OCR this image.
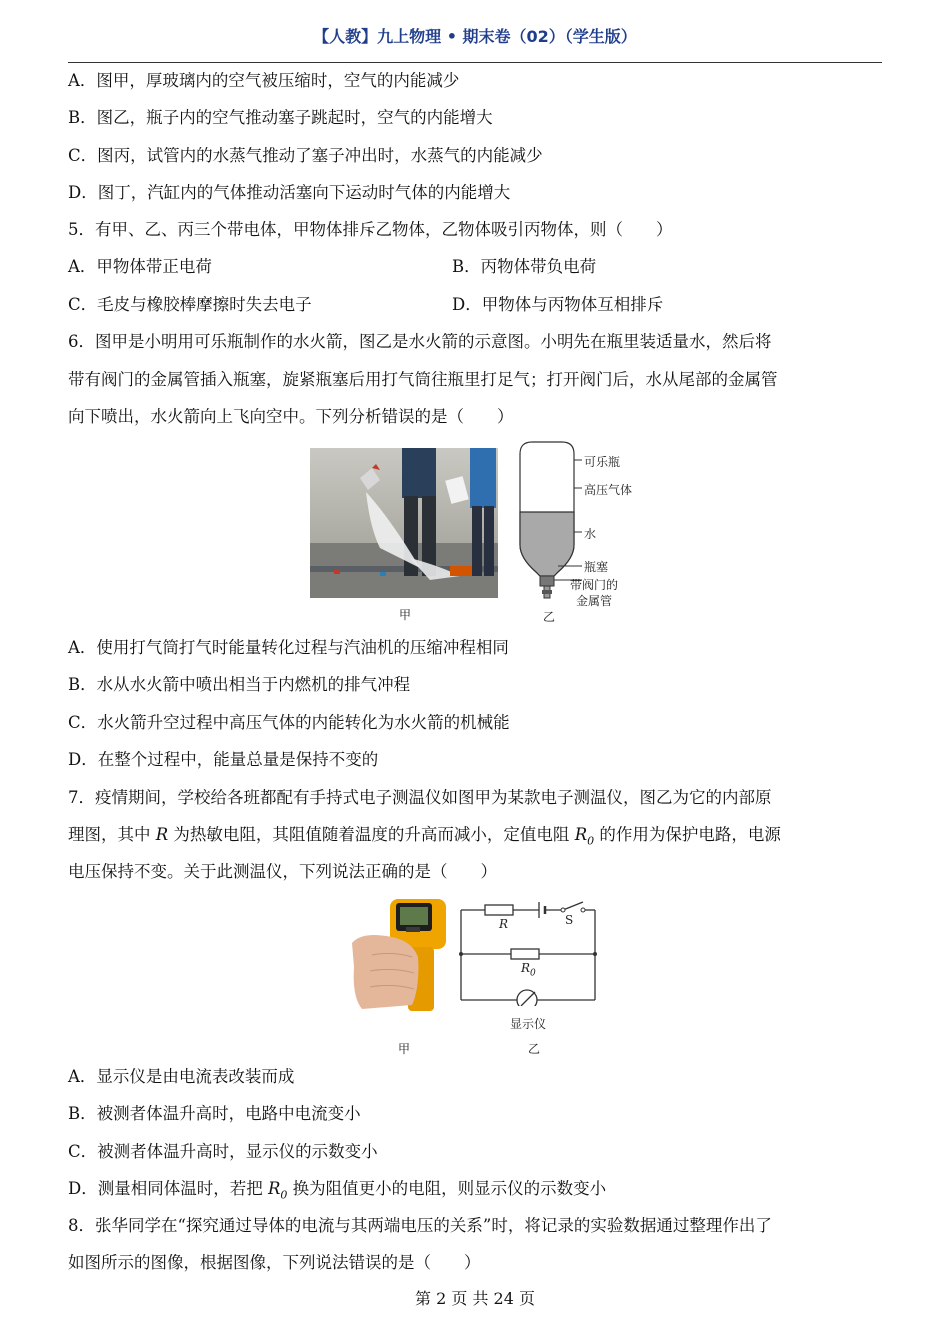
【人教】九上物理 • 期末卷（02）（学生版）
A．图甲，厚玻璃内的空气被压缩时，空气的内能减少
B．图乙，瓶子内的空气推动塞子跳起时，空气的内能增大
C．图丙，试管内的水蒸气推动了塞子冲出时，水蒸气的内能减少
D．图丁，汽缸内的气体推动活塞向下运动时气体的内能增大
5．有甲、乙、丙三个带电体，甲物体排斥乙物体，乙物体吸引丙物体，则（　　）
A．甲物体带正电荷	B．丙物体带负电荷
C．毛皮与橡胶棒摩擦时失去电子	D．甲物体与丙物体互相排斥
6．图甲是小明用可乐瓶制作的水火箭，图乙是水火箭的示意图。小明先在瓶里装适量水，然后将
带有阀门的金属管插入瓶塞，旋紧瓶塞后用打气筒往瓶里打足气；打开阀门后，水从尾部的金属管
向下喷出，水火箭向上飞向空中。下列分析错误的是（　　）
甲
可乐瓶
高压气体
水
瓶塞
带阀门的
金属管
乙
A．使用打气筒打气时能量转化过程与汽油机的压缩冲程相同
B．水从水火箭中喷出相当于内燃机的排气冲程
C．水火箭升空过程中高压气体的内能转化为水火箭的机械能
D．在整个过程中，能量总量是保持不变的
7．疫情期间，学校给各班都配有手持式电子测温仪如图甲为某款电子测温仪，图乙为它的内部原
理图，其中 R 为热敏电阻，其阻值随着温度的升高而减小，定值电阻 $R_0$ 的作用为保护电路，电源
电压保持不变。关于此测温仪，下列说法正确的是（　　）
甲
R	S
$R_0$
显示仪
乙
A．显示仪是由电流表改装而成
B．被测者体温升高时，电路中电流变小
C．被测者体温升高时，显示仪的示数变小
D．测量相同体温时，若把 $R_0$ 换为阻值更小的电阻，则显示仪的示数变小
8．张华同学在“探究通过导体的电流与其两端电压的关系”时，将记录的实验数据通过整理作出了
如图所示的图像，根据图像，下列说法错误的是（　　）
第 2 页 共 24 页
